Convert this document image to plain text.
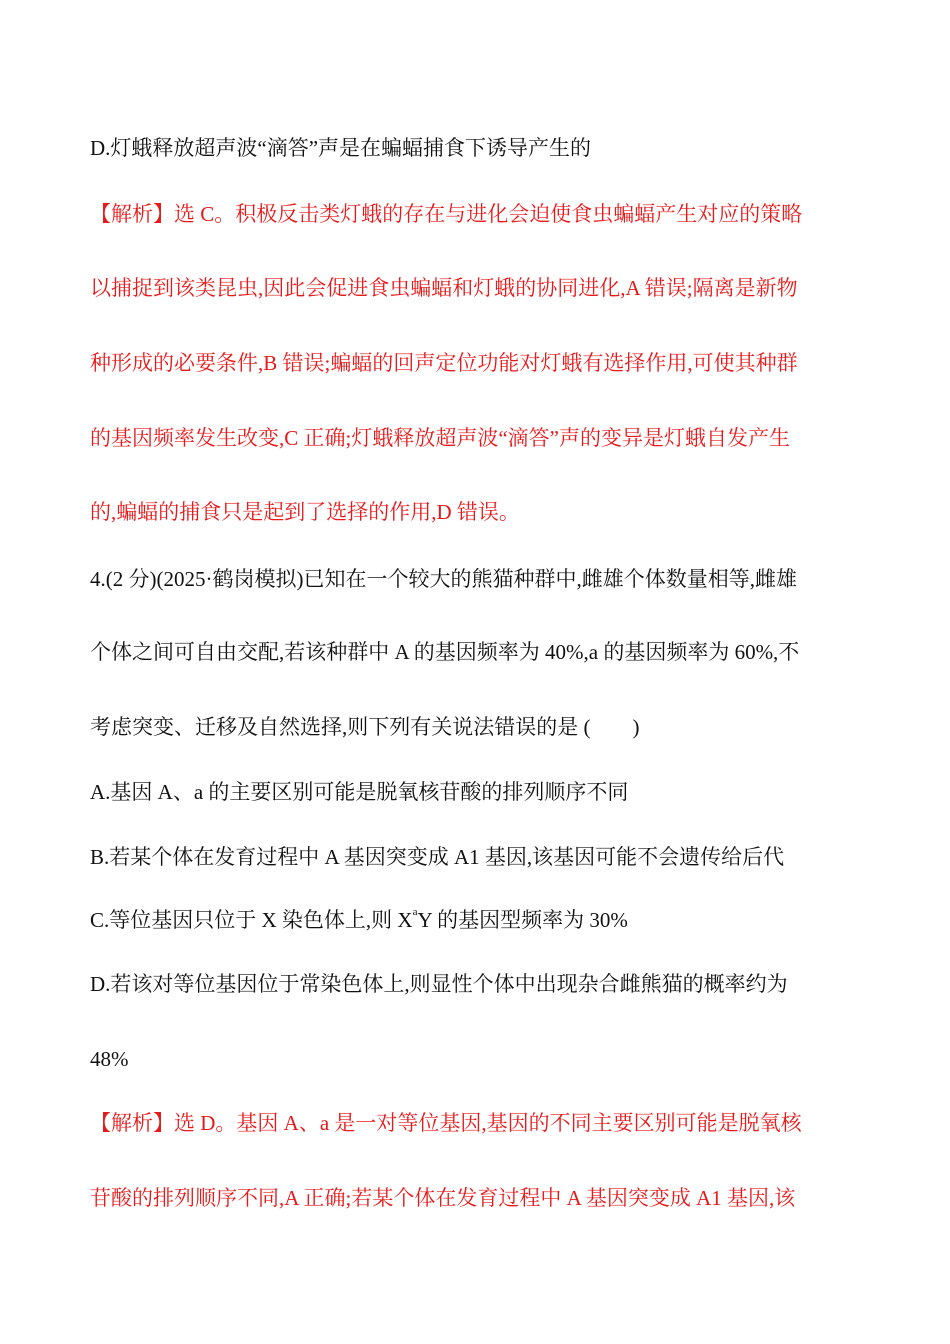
D.灯蛾释放超声波“滴答”声是在蝙蝠捕食下诱导产生的
【解析】选 C。积极反击类灯蛾的存在与进化会迫使食虫蝙蝠产生对应的策略
以捕捉到该类昆虫,因此会促进食虫蝙蝠和灯蛾的协同进化,A 错误;隔离是新物
种形成的必要条件,B 错误;蝙蝠的回声定位功能对灯蛾有选择作用,可使其种群
的基因频率发生改变,C 正确;灯蛾释放超声波“滴答”声的变异是灯蛾自发产生
的,蝙蝠的捕食只是起到了选择的作用,D 错误。
4.(2 分)(2025·鹤岗模拟)已知在一个较大的熊猫种群中,雌雄个体数量相等,雌雄
个体之间可自由交配,若该种群中 A 的基因频率为 40%,a 的基因频率为 60%,不
考虑突变、迁移及自然选择,则下列有关说法错误的是 (　　)
A.基因 A、a 的主要区别可能是脱氧核苷酸的排列顺序不同
B.若某个体在发育过程中 A 基因突变成 A1 基因,该基因可能不会遗传给后代
C.等位基因只位于 X 染色体上,则 $X^aY$ 的基因型频率为 30%
D.若该对等位基因位于常染色体上,则显性个体中出现杂合雌熊猫的概率约为
48%
【解析】选 D。基因 A、a 是一对等位基因,基因的不同主要区别可能是脱氧核
苷酸的排列顺序不同,A 正确;若某个体在发育过程中 A 基因突变成 A1 基因,该
